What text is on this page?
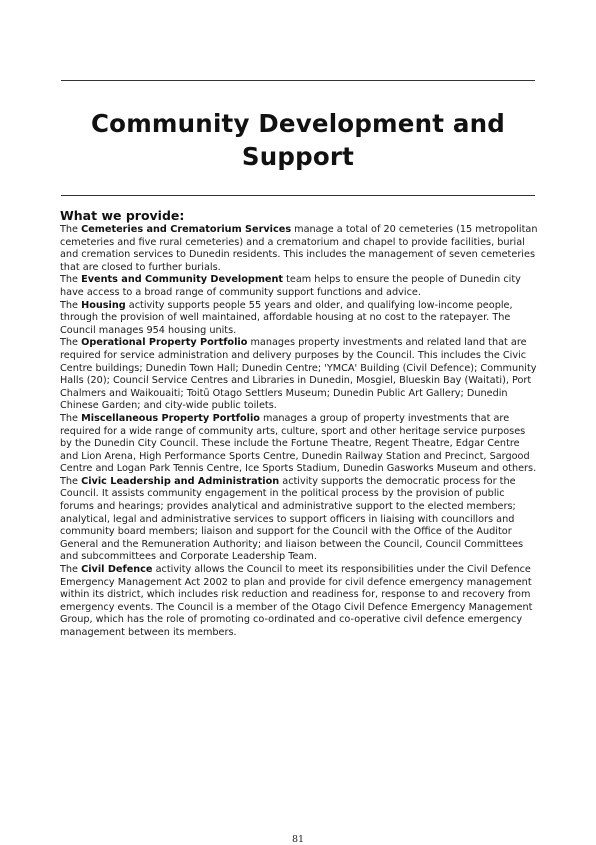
Community Development and Support
What we provide:

The Cemeteries and Crematorium Services manage a total of 20 cemeteries (15 metropolitan cemeteries and five rural cemeteries) and a crematorium and chapel to provide facilities, burial and cremation services to Dunedin residents. This includes the management of seven cemeteries that are closed to further burials.

The Events and Community Development team helps to ensure the people of Dunedin city have access to a broad range of community support functions and advice.

The Housing activity supports people 55 years and older, and qualifying low-income people, through the provision of well maintained, affordable housing at no cost to the ratepayer. The Council manages 954 housing units.

The Operational Property Portfolio manages property investments and related land that are required for service administration and delivery purposes by the Council. This includes the Civic Centre buildings; Dunedin Town Hall; Dunedin Centre; 'YMCA' Building (Civil Defence); Community Halls (20); Council Service Centres and Libraries in Dunedin, Mosgiel, Blueskin Bay (Waitati), Port Chalmers and Waikouaiti; Toitū Otago Settlers Museum; Dunedin Public Art Gallery; Dunedin Chinese Garden; and city-wide public toilets.

The Miscellaneous Property Portfolio manages a group of property investments that are required for a wide range of community arts, culture, sport and other heritage service purposes by the Dunedin City Council. These include the Fortune Theatre, Regent Theatre, Edgar Centre and Lion Arena, High Performance Sports Centre, Dunedin Railway Station and Precinct, Sargood Centre and Logan Park Tennis Centre, Ice Sports Stadium, Dunedin Gasworks Museum and others.

The Civic Leadership and Administration activity supports the democratic process for the Council. It assists community engagement in the political process by the provision of public forums and hearings; provides analytical and administrative support to the elected members; analytical, legal and administrative services to support officers in liaising with councillors and community board members; liaison and support for the Council with the Office of the Auditor General and the Remuneration Authority; and liaison between the Council, Council Committees and subcommittees and Corporate Leadership Team.

The Civil Defence activity allows the Council to meet its responsibilities under the Civil Defence Emergency Management Act 2002 to plan and provide for civil defence emergency management within its district, which includes risk reduction and readiness for, response to and recovery from emergency events. The Council is a member of the Otago Civil Defence Emergency Management Group, which has the role of promoting co-ordinated and co-operative civil defence emergency management between its members.

81
